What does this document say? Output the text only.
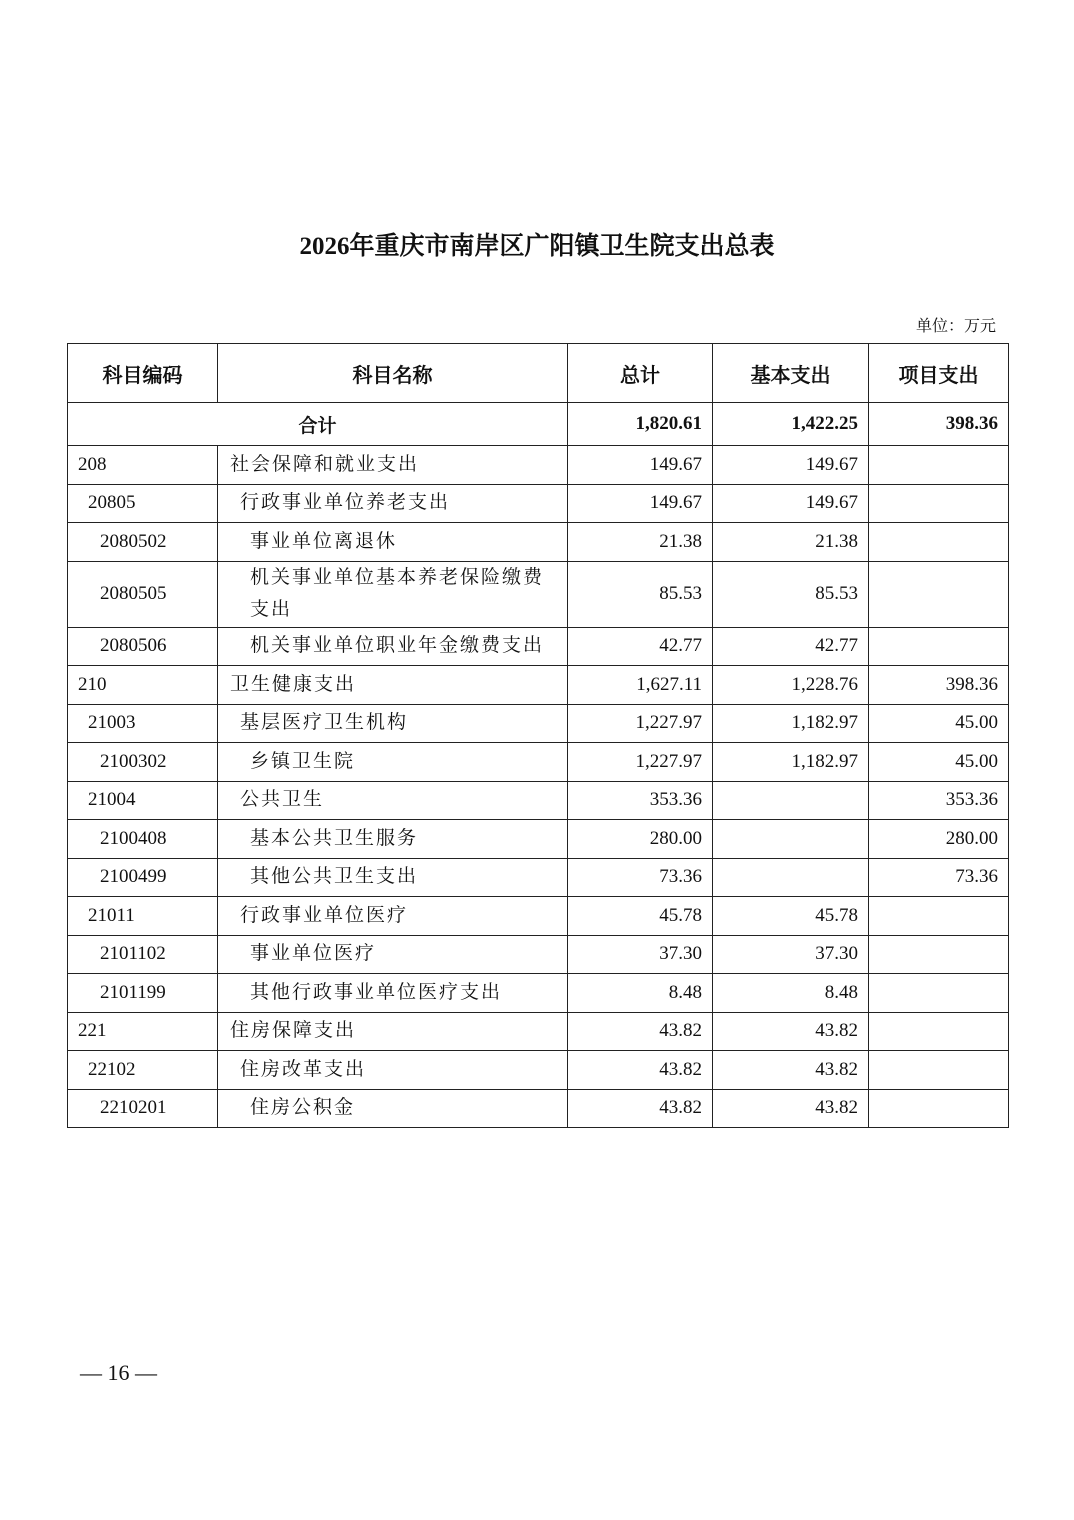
2026年重庆市南岸区广阳镇卫生院支出总表
单位：万元
科目编码	科目名称	总计	基本支出	项目支出
合计		1,820.61	1,422.25	398.36
208	社会保障和就业支出	149.67	149.67	
20805	行政事业单位养老支出	149.67	149.67	
2080502	事业单位离退休	21.38	21.38	
2080505	机关事业单位基本养老保险缴费支出	85.53	85.53	
2080506	机关事业单位职业年金缴费支出	42.77	42.77	
210	卫生健康支出	1,627.11	1,228.76	398.36
21003	基层医疗卫生机构	1,227.97	1,182.97	45.00
2100302	乡镇卫生院	1,227.97	1,182.97	45.00
21004	公共卫生	353.36		353.36
2100408	基本公共卫生服务	280.00		280.00
2100499	其他公共卫生支出	73.36		73.36
21011	行政事业单位医疗	45.78	45.78	
2101102	事业单位医疗	37.30	37.30	
2101199	其他行政事业单位医疗支出	8.48	8.48	
221	住房保障支出	43.82	43.82	
22102	住房改革支出	43.82	43.82	
2210201	住房公积金	43.82	43.82	
— 16 —
